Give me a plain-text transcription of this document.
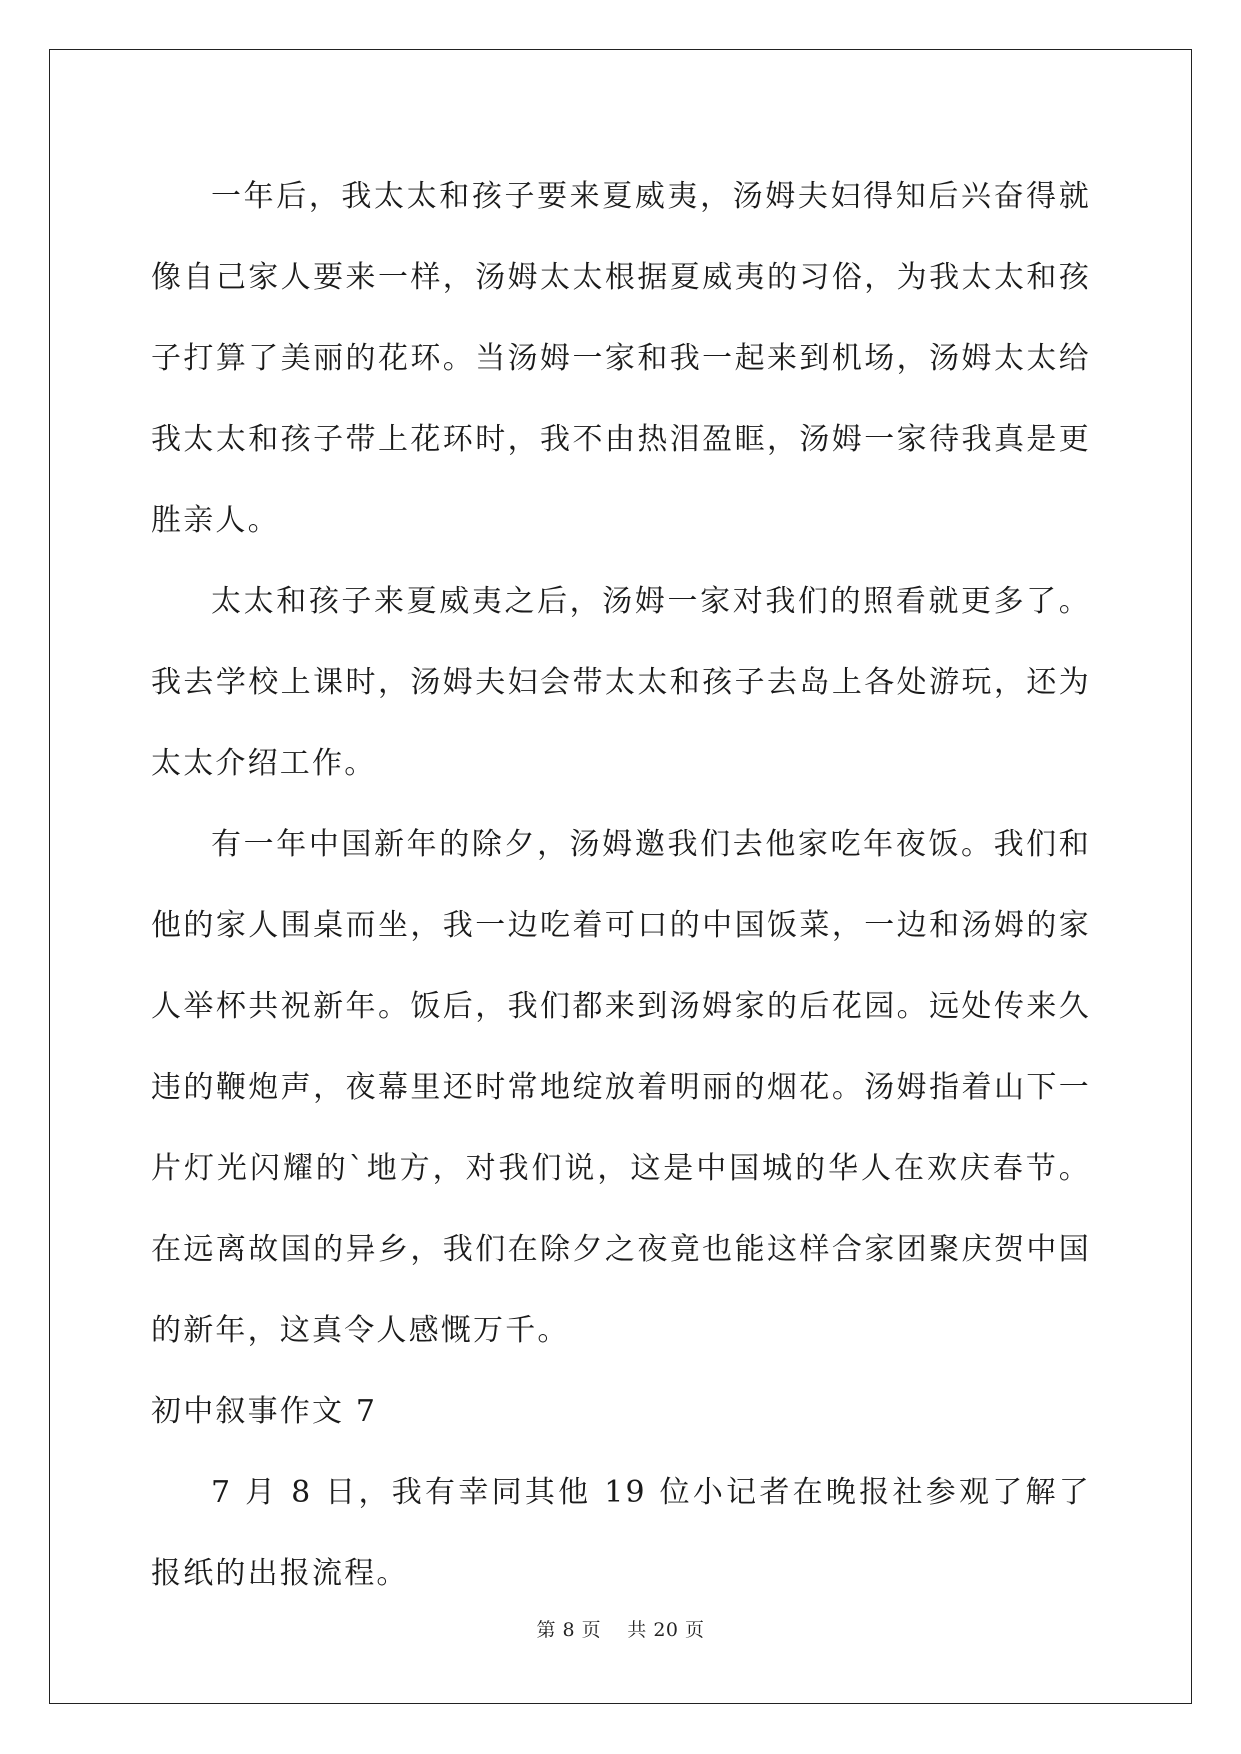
一年后，我太太和孩子要来夏威夷，汤姆夫妇得知后兴奋得就像自己家人要来一样，汤姆太太根据夏威夷的习俗，为我太太和孩子打算了美丽的花环。当汤姆一家和我一起来到机场，汤姆太太给我太太和孩子带上花环时，我不由热泪盈眶，汤姆一家待我真是更胜亲人。

太太和孩子来夏威夷之后，汤姆一家对我们的照看就更多了。我去学校上课时，汤姆夫妇会带太太和孩子去岛上各处游玩，还为太太介绍工作。

有一年中国新年的除夕，汤姆邀我们去他家吃年夜饭。我们和他的家人围桌而坐，我一边吃着可口的中国饭菜，一边和汤姆的家人举杯共祝新年。饭后，我们都来到汤姆家的后花园。远处传来久违的鞭炮声，夜幕里还时常地绽放着明丽的烟花。汤姆指着山下一片灯光闪耀的`地方，对我们说，这是中国城的华人在欢庆春节。在远离故国的异乡，我们在除夕之夜竟也能这样合家团聚庆贺中国的新年，这真令人感慨万千。

初中叙事作文 7

7 月 8 日，我有幸同其他 19 位小记者在晚报社参观了解了报纸的出报流程。

第 8 页 共 20 页
